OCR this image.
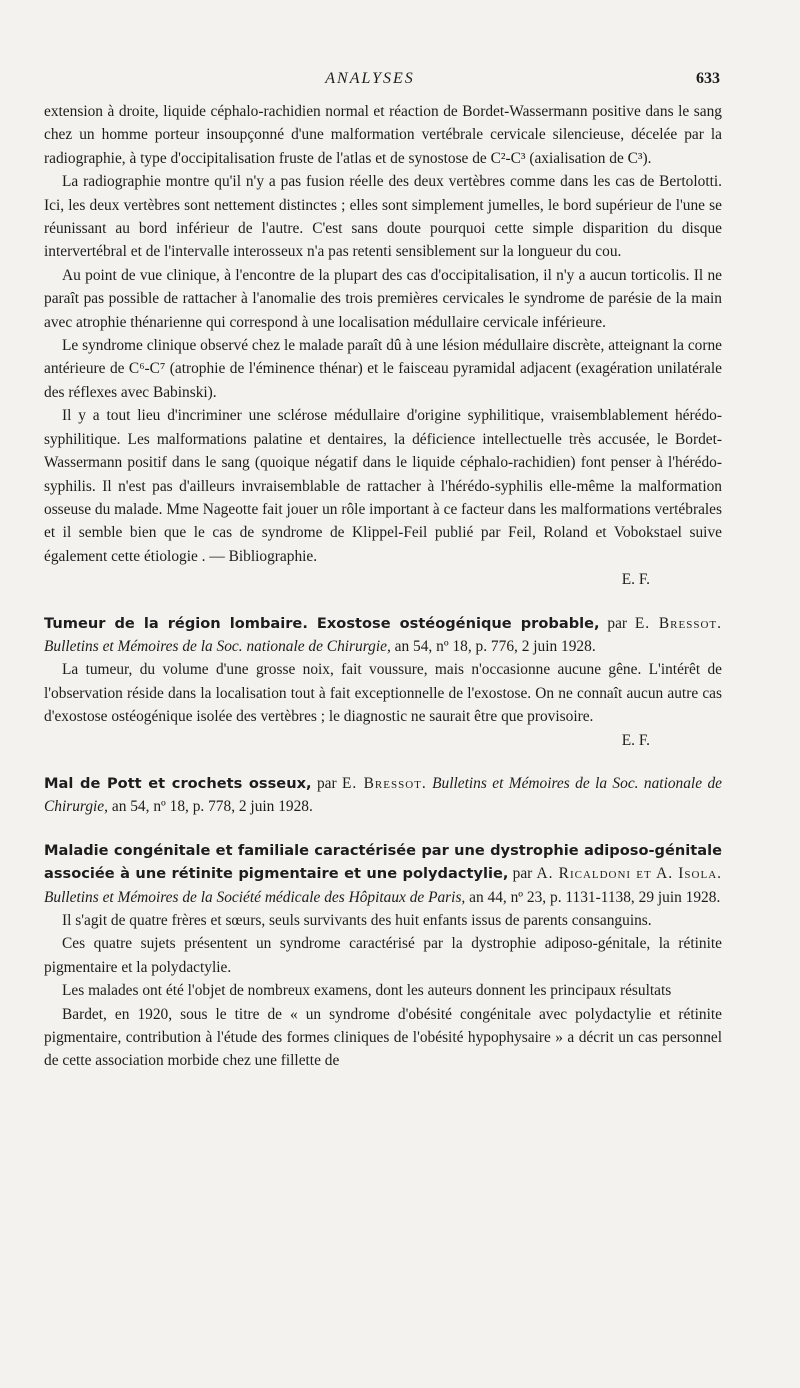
ANALYSES	633

extension à droite, liquide céphalo-rachidien normal et réaction de Bordet-Wassermann positive dans le sang chez un homme porteur insoupçonné d'une malformation vertébrale cervicale silencieuse, décelée par la radiographie, à type d'occipitalisation fruste de l'atlas et de synostose de C²-C³ (axialisation de C³).

La radiographie montre qu'il n'y a pas fusion réelle des deux vertèbres comme dans les cas de Bertolotti. Ici, les deux vertèbres sont nettement distinctes ; elles sont simplement jumelles, le bord supérieur de l'une se réunissant au bord inférieur de l'autre. C'est sans doute pourquoi cette simple disparition du disque intervertébral et de l'intervalle interosseux n'a pas retenti sensiblement sur la longueur du cou.

Au point de vue clinique, à l'encontre de la plupart des cas d'occipitalisation, il n'y a aucun torticolis. Il ne paraît pas possible de rattacher à l'anomalie des trois premières cervicales le syndrome de parésie de la main avec atrophie thénarienne qui correspond à une localisation médullaire cervicale inférieure.

Le syndrome clinique observé chez le malade paraît dû à une lésion médullaire discrète, atteignant la corne antérieure de C⁶-C⁷ (atrophie de l'éminence thénar) et le faisceau pyramidal adjacent (exagération unilatérale des réflexes avec Babinski).

Il y a tout lieu d'incriminer une sclérose médullaire d'origine syphilitique, vraisemblablement hérédo-syphilitique. Les malformations palatine et dentaires, la déficience intellectuelle très accusée, le Bordet-Wassermann positif dans le sang (quoique négatif dans le liquide céphalo-rachidien) font penser à l'hérédo-syphilis. Il n'est pas d'ailleurs invraisemblable de rattacher à l'hérédo-syphilis elle-même la malformation osseuse du malade. Mme Nageotte fait jouer un rôle important à ce facteur dans les malformations vertébrales et il semble bien que le cas de syndrome de Klippel-Feil publié par Feil, Roland et Vobokstael suive également cette étiologie . — Bibliographie.

E. F.

Tumeur de la région lombaire. Exostose ostéogénique probable, par E. Bressot. Bulletins et Mémoires de la Soc. nationale de Chirurgie, an 54, nº 18, p. 776, 2 juin 1928.

La tumeur, du volume d'une grosse noix, fait voussure, mais n'occasionne aucune gêne. L'intérêt de l'observation réside dans la localisation tout à fait exceptionnelle de l'exostose. On ne connaît aucun autre cas d'exostose ostéogénique isolée des vertèbres ; le diagnostic ne saurait être que provisoire.

E. F.

Mal de Pott et crochets osseux, par E. Bressot. Bulletins et Mémoires de la Soc. nationale de Chirurgie, an 54, nº 18, p. 778, 2 juin 1928.

Maladie congénitale et familiale caractérisée par une dystrophie adiposo-génitale associée à une rétinite pigmentaire et une polydactylie, par A. Ricaldoni et A. Isola. Bulletins et Mémoires de la Société médicale des Hôpitaux de Paris, an 44, nº 23, p. 1131-1138, 29 juin 1928.

Il s'agit de quatre frères et sœurs, seuls survivants des huit enfants issus de parents consanguins.

Ces quatre sujets présentent un syndrome caractérisé par la dystrophie adiposo-génitale, la rétinite pigmentaire et la polydactylie.

Les malades ont été l'objet de nombreux examens, dont les auteurs donnent les principaux résultats

Bardet, en 1920, sous le titre de « un syndrome d'obésité congénitale avec polydactylie et rétinite pigmentaire, contribution à l'étude des formes cliniques de l'obésité hypophysaire » a décrit un cas personnel de cette association morbide chez une fillette de
